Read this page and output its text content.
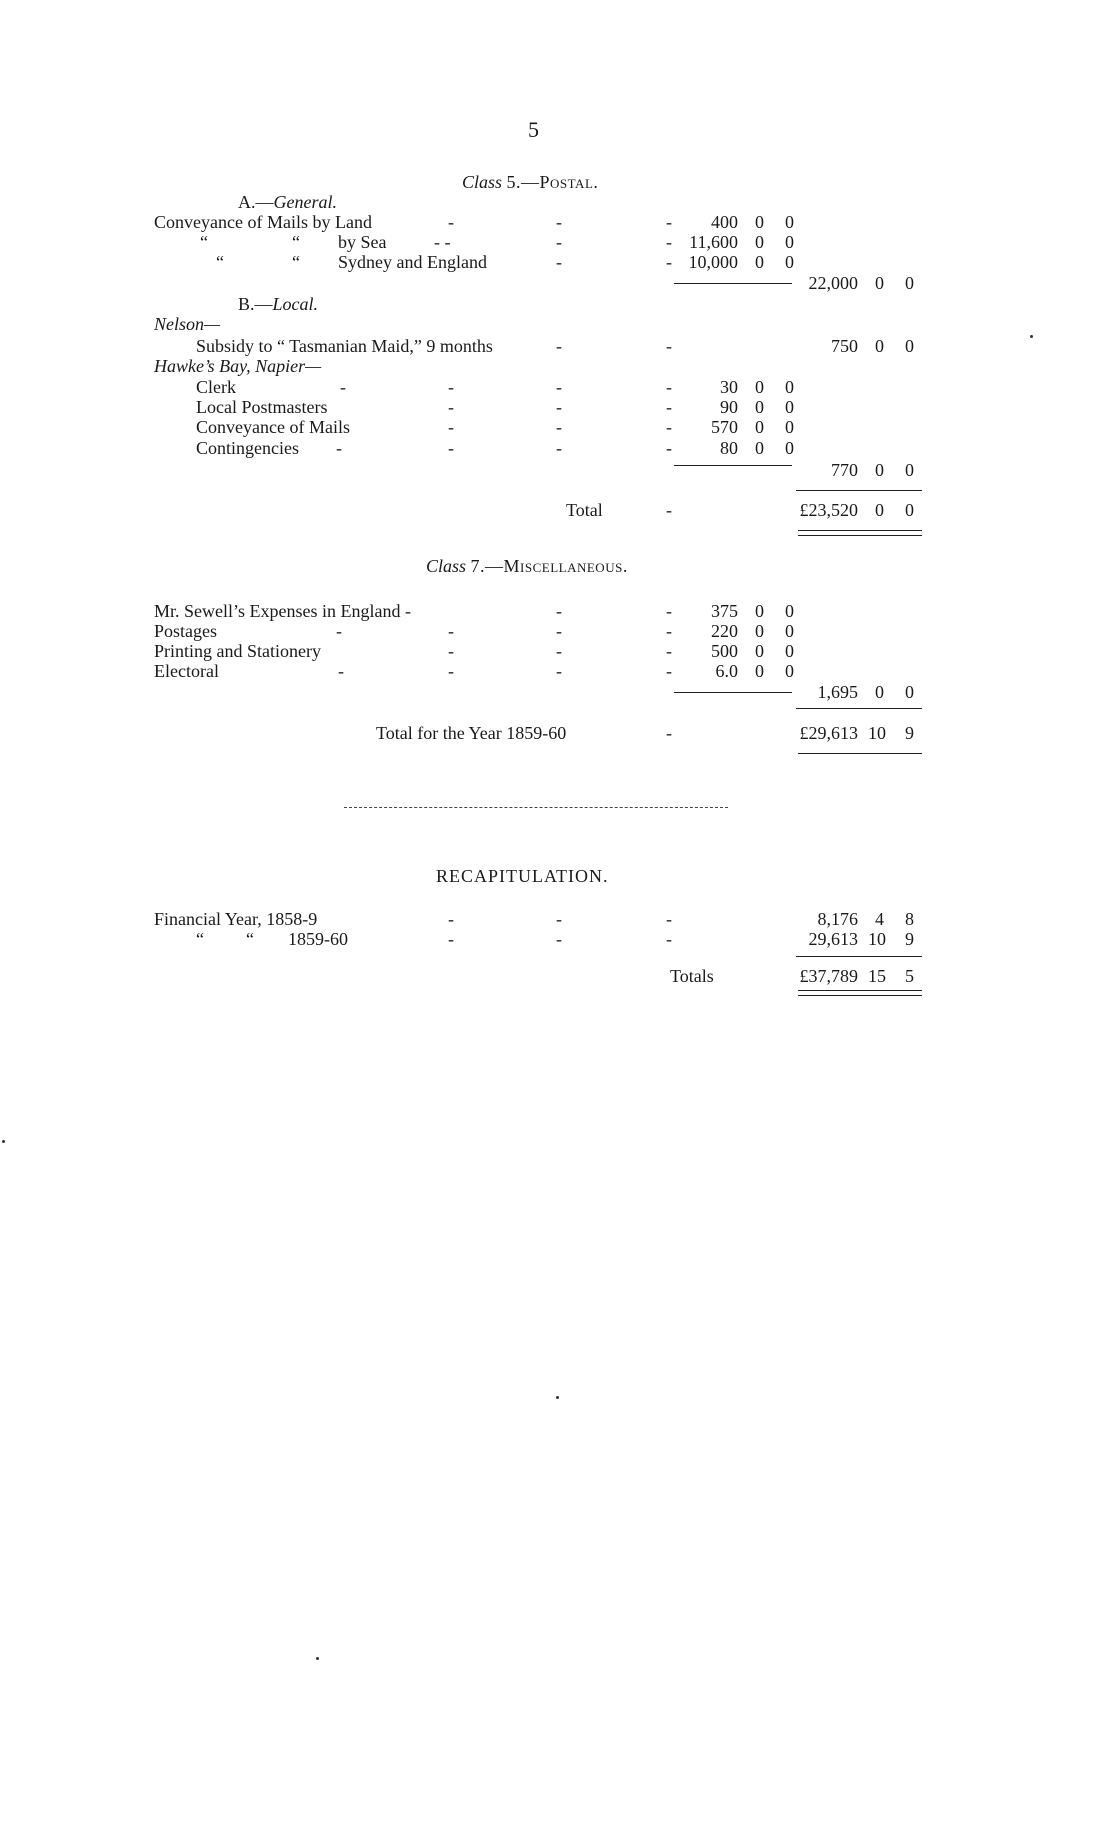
5
Class 5.—Postal.
A.—General.
Conveyance of Mails by Land	-	-	-	400 0	0
“	“ by Sea	- -	-	- 11,600 0	0
“	“ Sydney and England	-	- 10,000 0	0
22,000 0	0
B.—Local.
Nelson—
Subsidy to “ Tasmanian Maid,” 9 months	-	-	750 0	0
Hawke’s Bay, Napier—
Clerk	-	-	-	-	30 0	0
Local Postmasters	-	-	-	90 0	0
Conveyance of Mails	-	-	-	570 0	0
Contingencies -	-	-	-	80 0	0
770 0	0
Total	-	£23,520 0	0
Class 7.—Miscellaneous.
Mr. Sewell’s Expenses in England -	-	-	375 0	0
Postages	-	-	-	-	220 0	0
Printing and Stationery	-	-	-	500 0	0
Electoral	-	-	-	-	6.0 0	0
1,695 0	0
Total for the Year 1859-60	-	£29,613 10	9
RECAPITULATION.
Financial Year, 1858-9	-	-	-	8,176 4	8
“ “ 1859-60	-	-	-	29,613 10	9
Totals	£37,789 15	5
